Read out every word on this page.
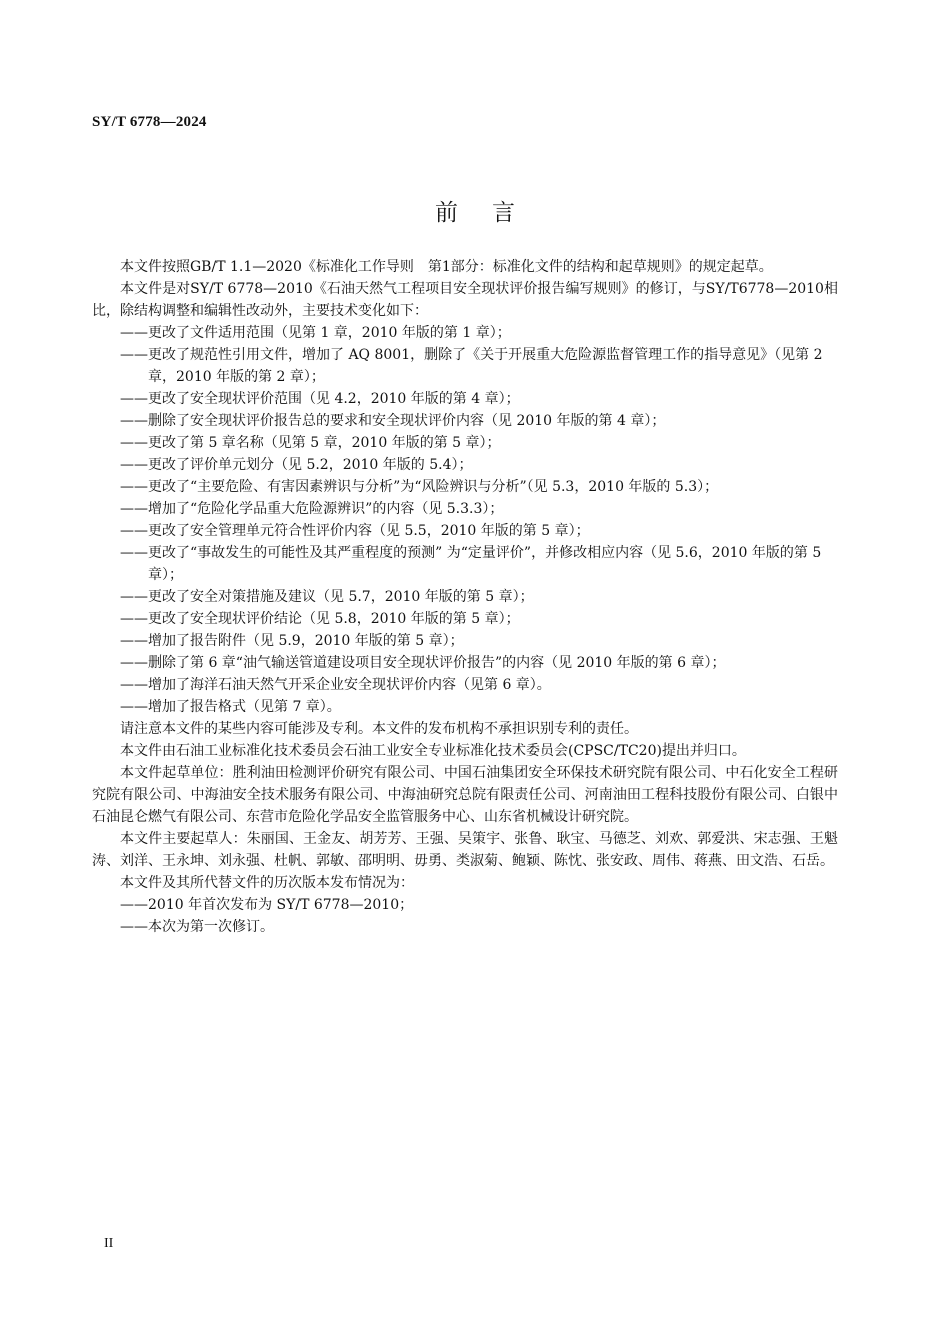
SY/T 6778—2024
前言
本文件按照GB/T 1.1—2020《标准化工作导则　第1部分：标准化文件的结构和起草规则》的规定起草。
本文件是对SY/T 6778—2010《石油天然气工程项目安全现状评价报告编写规则》的修订，与SY/T6778—2010相比，除结构调整和编辑性改动外，主要技术变化如下：
——更改了文件适用范围（见第 1 章，2010 年版的第 1 章）；
——更改了规范性引用文件，增加了 AQ 8001，删除了《关于开展重大危险源监督管理工作的指导意见》（见第 2 章，2010 年版的第 2 章）；
——更改了安全现状评价范围（见 4.2，2010 年版的第 4 章）；
——删除了安全现状评价报告总的要求和安全现状评价内容（见 2010 年版的第 4 章）；
——更改了第 5 章名称（见第 5 章，2010 年版的第 5 章）；
——更改了评价单元划分（见 5.2，2010 年版的 5.4）；
——更改了“主要危险、有害因素辨识与分析”为“风险辨识与分析”（见 5.3，2010 年版的 5.3）；
——增加了“危险化学品重大危险源辨识”的内容（见 5.3.3）；
——更改了安全管理单元符合性评价内容（见 5.5，2010 年版的第 5 章）；
——更改了“事故发生的可能性及其严重程度的预测” 为“定量评价”，并修改相应内容（见 5.6，2010 年版的第 5 章）；
——更改了安全对策措施及建议（见 5.7，2010 年版的第 5 章）；
——更改了安全现状评价结论（见 5.8，2010 年版的第 5 章）；
——增加了报告附件（见 5.9，2010 年版的第 5 章）；
——删除了第 6 章“油气输送管道建设项目安全现状评价报告”的内容（见 2010 年版的第 6 章）；
——增加了海洋石油天然气开采企业安全现状评价内容（见第 6 章）。
——增加了报告格式（见第 7 章）。
请注意本文件的某些内容可能涉及专利。本文件的发布机构不承担识别专利的责任。
本文件由石油工业标准化技术委员会石油工业安全专业标准化技术委员会(CPSC/TC20)提出并归口。
本文件起草单位：胜利油田检测评价研究有限公司、中国石油集团安全环保技术研究院有限公司、中石化安全工程研究院有限公司、中海油安全技术服务有限公司、中海油研究总院有限责任公司、河南油田工程科技股份有限公司、白银中石油昆仑燃气有限公司、东营市危险化学品安全监管服务中心、山东省机械设计研究院。
本文件主要起草人：朱丽国、王金友、胡芳芳、王强、吴策宇、张鲁、耿宝、马德芝、刘欢、郭爱洪、宋志强、王魁涛、刘洋、王永坤、刘永强、杜帆、郭敏、邵明明、毋勇、类淑菊、鲍颖、陈忱、张安政、周伟、蒋燕、田文浩、石岳。
本文件及其所代替文件的历次版本发布情况为：
——2010 年首次发布为 SY/T 6778—2010；
——本次为第一次修订。
II
